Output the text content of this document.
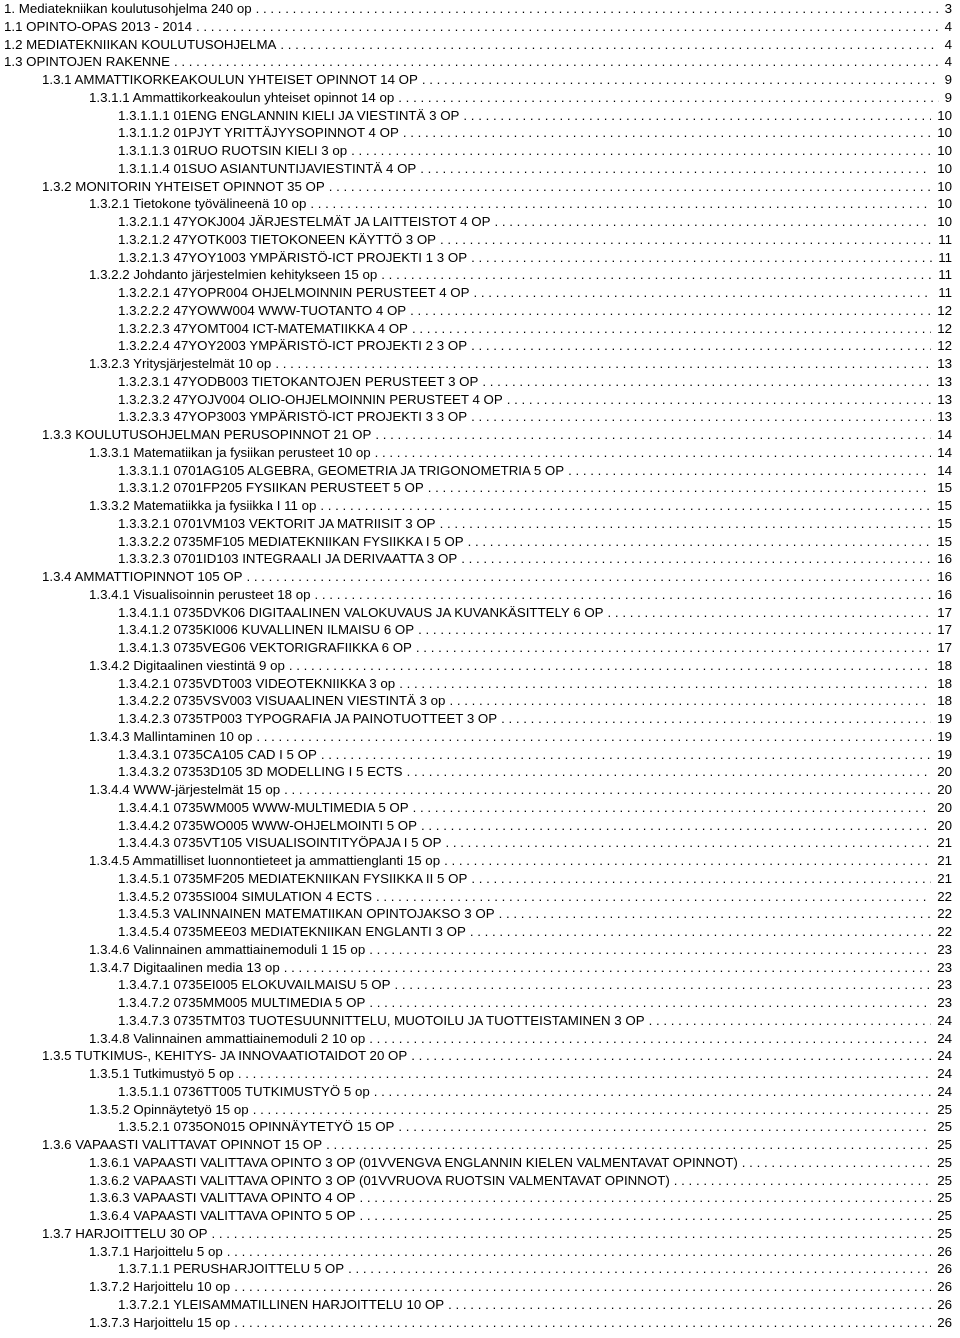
1. Mediatekniikan koulutusohjelma 240 op . . .	3
1.1 OPINTO-OPAS 2013 - 2014 . . .	4
1.2 MEDIATEKNIIKAN KOULUTUSOHJELMA . . .	4
1.3 OPINTOJEN RAKENNE . . .	4
1.3.1 AMMATTIKORKEAKOULUN YHTEISET OPINNOT 14 OP . . .	9
1.3.1.1 Ammattikorkeakoulun yhteiset opinnot 14 op . . .	9
1.3.1.1.1 01ENG ENGLANNIN KIELI JA VIESTINTÄ 3 OP . . .	10
1.3.1.1.2 01PJYT YRITTÄJYYSOPINNOT 4 OP . . .	10
1.3.1.1.3 01RUO RUOTSIN KIELI 3 op . . .	10
1.3.1.1.4 01SUO ASIANTUNTIJAVIESTINTÄ 4 OP . . .	10
1.3.2 MONITORIN YHTEISET OPINNOT 35 OP . . .	10
1.3.2.1 Tietokone työvälineenä 10 op . . .	10
1.3.2.1.1 47YOKJ004 JÄRJESTELMÄT JA LAITTEISTOT 4 OP . . .	10
1.3.2.1.2 47YOTK003 TIETOKONEEN KÄYTTÖ 3 OP . . .	11
1.3.2.1.3 47YOY1003 YMPÄRISTÖ-ICT PROJEKTI 1 3 OP . . .	11
1.3.2.2 Johdanto järjestelmien kehitykseen 15 op . . .	11
1.3.2.2.1 47YOPR004 OHJELMOINNIN PERUSTEET 4 OP . . .	11
1.3.2.2.2 47YOWW004 WWW-TUOTANTO 4 OP . . .	12
1.3.2.2.3 47YOMT004 ICT-MATEMATIIKKA 4 OP . . .	12
1.3.2.2.4 47YOY2003 YMPÄRISTÖ-ICT PROJEKTI 2 3 OP . . .	12
1.3.2.3 Yritysjärjestelmät 10 op . . .	13
1.3.2.3.1 47YODB003 TIETOKANTOJEN PERUSTEET 3 OP . . .	13
1.3.2.3.2 47YOJV004 OLIO-OHJELMOINNIN PERUSTEET 4 OP . . .	13
1.3.2.3.3 47YOP3003 YMPÄRISTÖ-ICT PROJEKTI 3 3 OP . . .	13
1.3.3 KOULUTUSOHJELMAN PERUSOPINNOT 21 OP . . .	14
1.3.3.1 Matematiikan ja fysiikan perusteet 10 op . . .	14
1.3.3.1.1 0701AG105 ALGEBRA, GEOMETRIA JA TRIGONOMETRIA 5 OP . . .	14
1.3.3.1.2 0701FP205 FYSIIKAN PERUSTEET 5 OP . . .	15
1.3.3.2 Matematiikka ja fysiikka I 11 op . . .	15
1.3.3.2.1 0701VM103 VEKTORIT JA MATRIISIT 3 OP . . .	15
1.3.3.2.2 0735MF105 MEDIATEKNIIKAN FYSIIKKA I 5 OP . . .	15
1.3.3.2.3 0701ID103 INTEGRAALI JA DERIVAATTA 3 OP . . .	16
1.3.4 AMMATTIOPINNOT 105 OP . . .	16
1.3.4.1 Visualisoinnin perusteet 18 op . . .	16
1.3.4.1.1 0735DVK06 DIGITAALINEN VALOKUVAUS JA KUVANKÄSITTELY 6 OP . . .	17
1.3.4.1.2 0735KI006 KUVALLINEN ILMAISU 6 OP . . .	17
1.3.4.1.3 0735VEG06 VEKTORIGRAFIIKKA 6 OP . . .	17
1.3.4.2 Digitaalinen viestintä 9 op . . .	18
1.3.4.2.1 0735VDT003 VIDEOTEKNIIKKA 3 op . . .	18
1.3.4.2.2 0735VSV003 VISUAALINEN VIESTINTÄ 3 op . . .	18
1.3.4.2.3 0735TP003 TYPOGRAFIA JA PAINOTUOTTEET 3 OP . . .	19
1.3.4.3 Mallintaminen 10 op . . .	19
1.3.4.3.1 0735CA105 CAD I 5 OP . . .	19
1.3.4.3.2 07353D105 3D MODELLING I 5 ECTS . . .	20
1.3.4.4 WWW-järjestelmät 15 op . . .	20
1.3.4.4.1 0735WM005 WWW-MULTIMEDIA 5 OP . . .	20
1.3.4.4.2 0735WO005 WWW-OHJELMOINTI 5 OP . . .	20
1.3.4.4.3 0735VT105 VISUALISOINTITYÖPAJA I 5 OP . . .	21
1.3.4.5 Ammatilliset luonnontieteet ja ammattienglanti 15 op . . .	21
1.3.4.5.1 0735MF205 MEDIATEKNIIKAN FYSIIKKA II 5 OP . . .	21
1.3.4.5.2 0735SI004 SIMULATION 4 ECTS . . .	22
1.3.4.5.3 VALINNAINEN MATEMATIIKAN OPINTOJAKSO 3 OP . . .	22
1.3.4.5.4 0735MEE03 MEDIATEKNIIKAN ENGLANTI 3 OP . . .	22
1.3.4.6 Valinnainen ammattiainemoduli 1 15 op . . .	23
1.3.4.7 Digitaalinen media 13 op . . .	23
1.3.4.7.1 0735EI005 ELOKUVAILMAISU 5 OP . . .	23
1.3.4.7.2 0735MM005 MULTIMEDIA 5 OP . . .	23
1.3.4.7.3 0735TMT03 TUOTESUUNNITTELU, MUOTOILU JA TUOTTEISTAMINEN 3 OP . . .	24
1.3.4.8 Valinnainen ammattiainemoduli 2 10 op . . .	24
1.3.5 TUTKIMUS-, KEHITYS- JA INNOVAATIOTAIDOT 20 OP . . .	24
1.3.5.1 Tutkimustyö 5 op . . .	24
1.3.5.1.1 0736TT005 TUTKIMUSTYÖ 5 op . . .	24
1.3.5.2 Opinnäytetyö 15 op . . .	25
1.3.5.2.1 0735ON015 OPINNÄYTETYÖ 15 OP . . .	25
1.3.6 VAPAASTI VALITTAVAT OPINNOT 15 OP . . .	25
1.3.6.1 VAPAASTI VALITTAVA OPINTO 3 OP (01VVENGVA ENGLANNIN KIELEN VALMENTAVAT OPINNOT) . . .	25
1.3.6.2 VAPAASTI VALITTAVA OPINTO 3 OP (01VVRUOVA RUOTSIN VALMENTAVAT OPINNOT) . . .	25
1.3.6.3 VAPAASTI VALITTAVA OPINTO 4 OP . . .	25
1.3.6.4 VAPAASTI VALITTAVA OPINTO 5 OP . . .	25
1.3.7 HARJOITTELU 30 OP . . .	25
1.3.7.1 Harjoittelu 5 op . . .	26
1.3.7.1.1 PERUSHARJOITTELU 5 OP . . .	26
1.3.7.2 Harjoittelu 10 op . . .	26
1.3.7.2.1 YLEISAMMATILLINEN HARJOITTELU 10 OP . . .	26
1.3.7.3 Harjoittelu 15 op . . .	26
